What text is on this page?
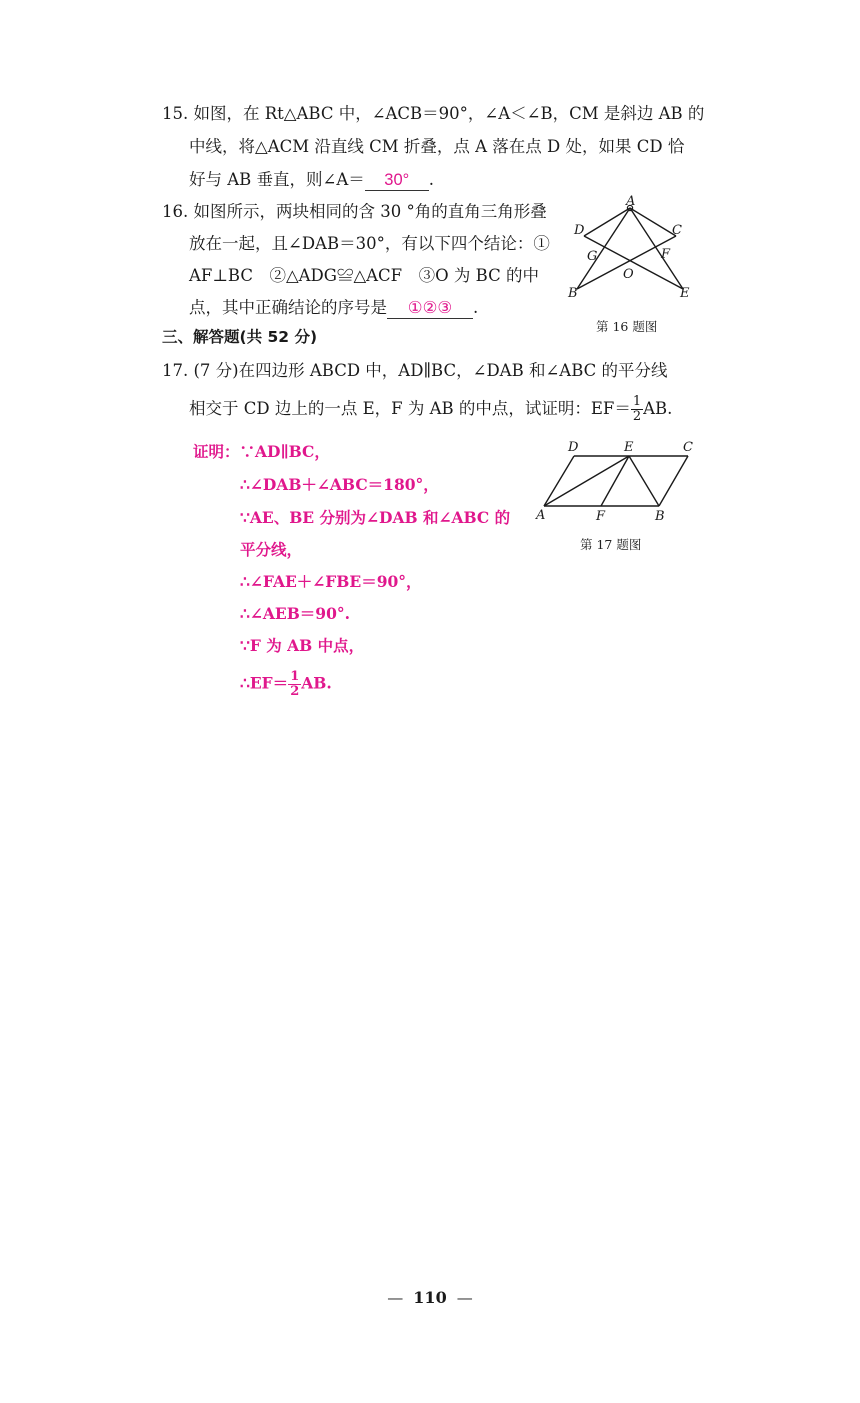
15. 如图，在 Rt△ABC 中，∠ACB＝90°，∠A＜∠B，CM 是斜边 AB 的
中线，将△ACM 沿直线 CM 折叠，点 A 落在点 D 处，如果 CD 恰
好与 AB 垂直，则∠A＝ 30° .
16. 如图所示，两块相同的含 30 °角的直角三角形叠
放在一起，且∠DAB＝30°，有以下四个结论：①
AF⊥BC　②△ADG≌△ACF　③O 为 BC 的中
点，其中正确结论的序号是 ①②③ .
A
D	C
G	F
O
B	E
第 16 题图
三、解答题(共 52 分)
17. (7 分)在四边形 ABCD 中，AD∥BC，∠DAB 和∠ABC 的平分线
相交于 CD 边上的一点 E，F 为 AB 的中点，试证明：$EF= \frac{1}{2}$ AB.
D	E	C
A	F	B
第 17 题图
证明：∵AD∥BC，
∴∠DAB＋∠ABC＝180°，
∵AE、BE 分别为∠DAB 和∠ABC 的
平分线，
∴∠FAE＋∠FBE＝90°，
∴∠AEB＝90°.
∵F 为 AB 中点，
∴EF＝ $\frac{1}{2}$ AB.
— 110 —
